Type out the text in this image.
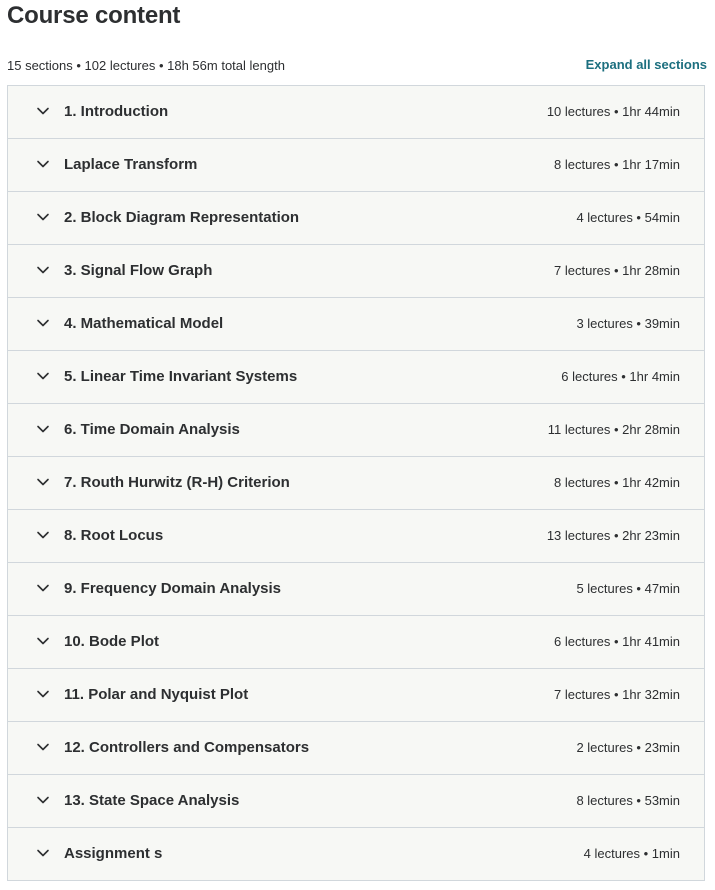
Course content
15 sections • 102 lectures • 18h 56m total length	Expand all sections
1. Introduction	10 lectures • 1hr 44min
Laplace Transform	8 lectures • 1hr 17min
2. Block Diagram Representation	4 lectures • 54min
3. Signal Flow Graph	7 lectures • 1hr 28min
4. Mathematical Model	3 lectures • 39min
5. Linear Time Invariant Systems	6 lectures • 1hr 4min
6. Time Domain Analysis	11 lectures • 2hr 28min
7. Routh Hurwitz (R-H) Criterion	8 lectures • 1hr 42min
8. Root Locus	13 lectures • 2hr 23min
9. Frequency Domain Analysis	5 lectures • 47min
10. Bode Plot	6 lectures • 1hr 41min
11. Polar and Nyquist Plot	7 lectures • 1hr 32min
12. Controllers and Compensators	2 lectures • 23min
13. State Space Analysis	8 lectures • 53min
Assignment s	4 lectures • 1min
